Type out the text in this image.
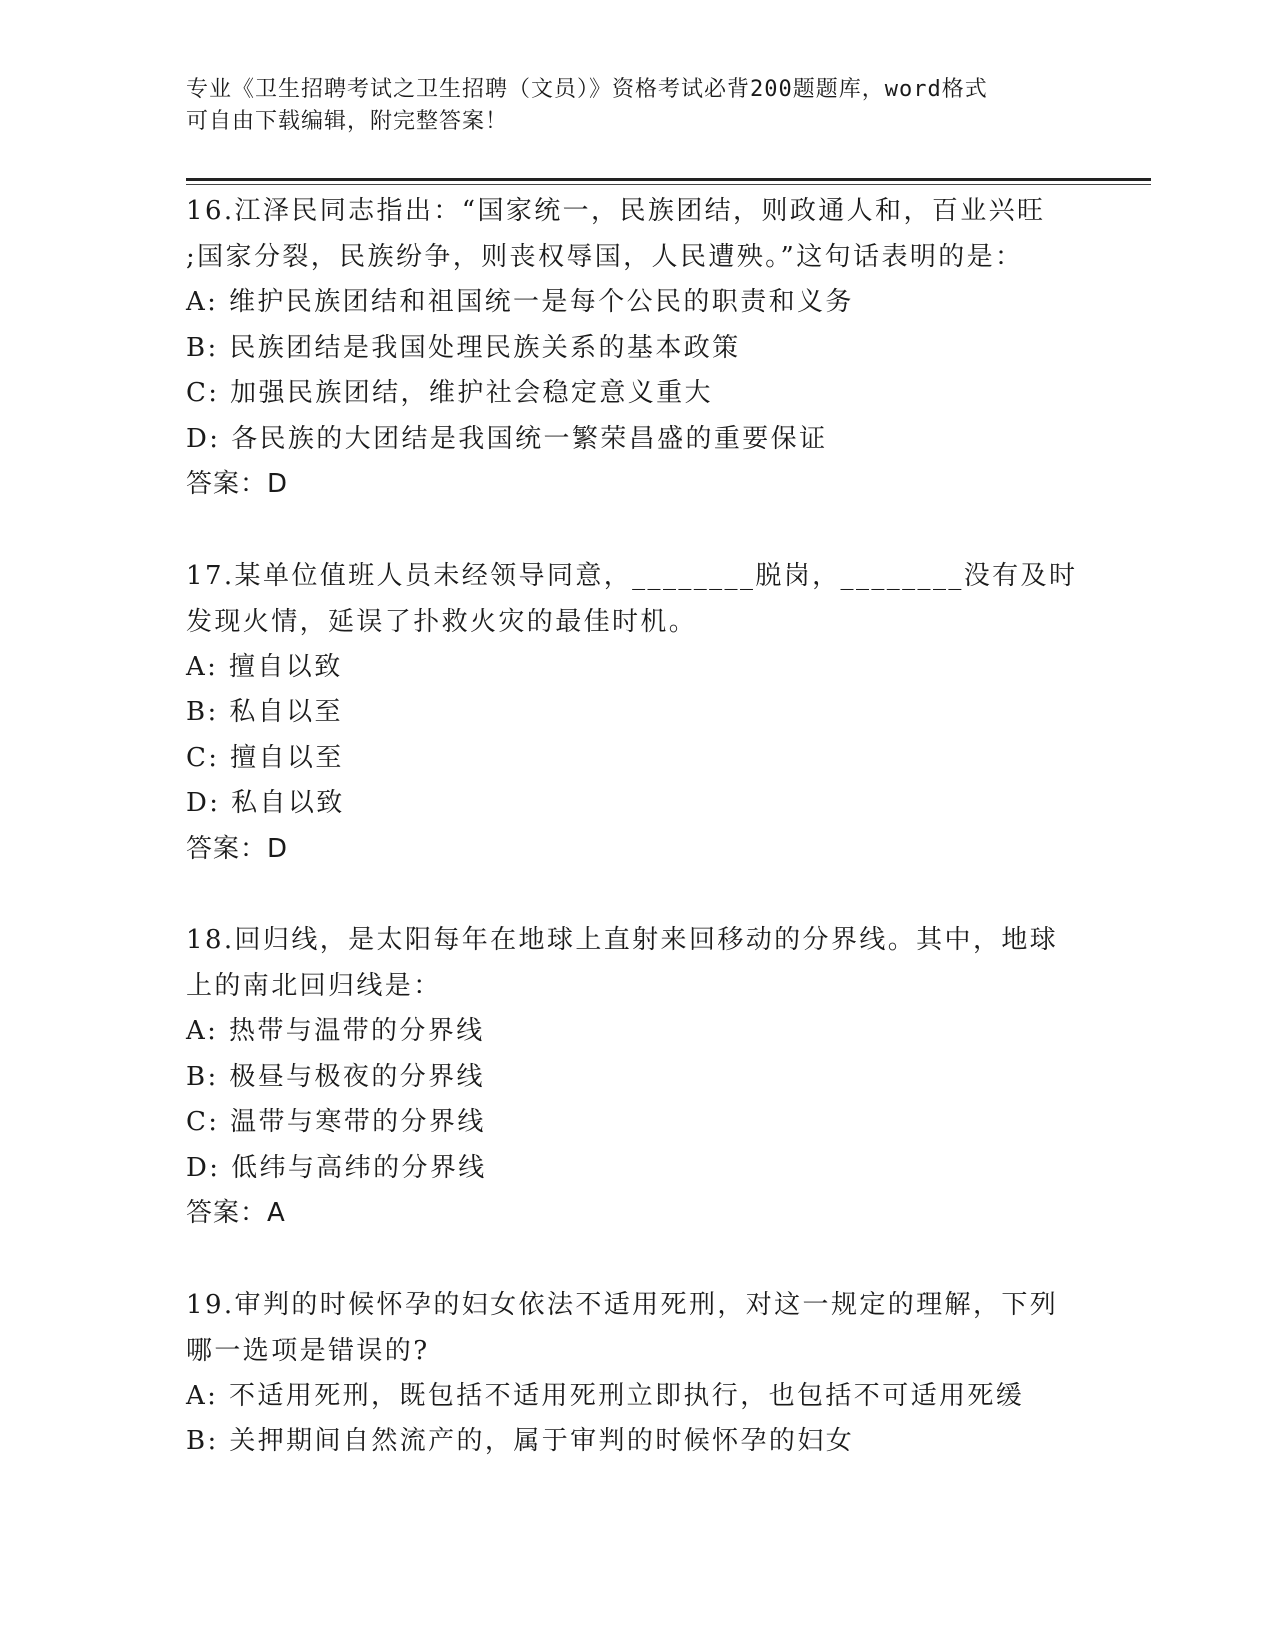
专业《卫生招聘考试之卫生招聘（文员）》资格考试必背200题题库，word格式
可自由下载编辑，附完整答案！
16.江泽民同志指出：“国家统一，民族团结，则政通人和，百业兴旺
;国家分裂，民族纷争，则丧权辱国，人民遭殃。”这句话表明的是：
A: 维护民族团结和祖国统一是每个公民的职责和义务
B: 民族团结是我国处理民族关系的基本政策
C: 加强民族团结，维护社会稳定意义重大
D: 各民族的大团结是我国统一繁荣昌盛的重要保证
答案：D
17.某单位值班人员未经领导同意，________脱岗，________没有及时
发现火情，延误了扑救火灾的最佳时机。
A: 擅自以致
B: 私自以至
C: 擅自以至
D: 私自以致
答案：D
18.回归线，是太阳每年在地球上直射来回移动的分界线。其中，地球
上的南北回归线是：
A: 热带与温带的分界线
B: 极昼与极夜的分界线
C: 温带与寒带的分界线
D: 低纬与高纬的分界线
答案：A
19.审判的时候怀孕的妇女依法不适用死刑，对这一规定的理解，下列
哪一选项是错误的?
A: 不适用死刑，既包括不适用死刑立即执行，也包括不可适用死缓
B: 关押期间自然流产的，属于审判的时候怀孕的妇女
